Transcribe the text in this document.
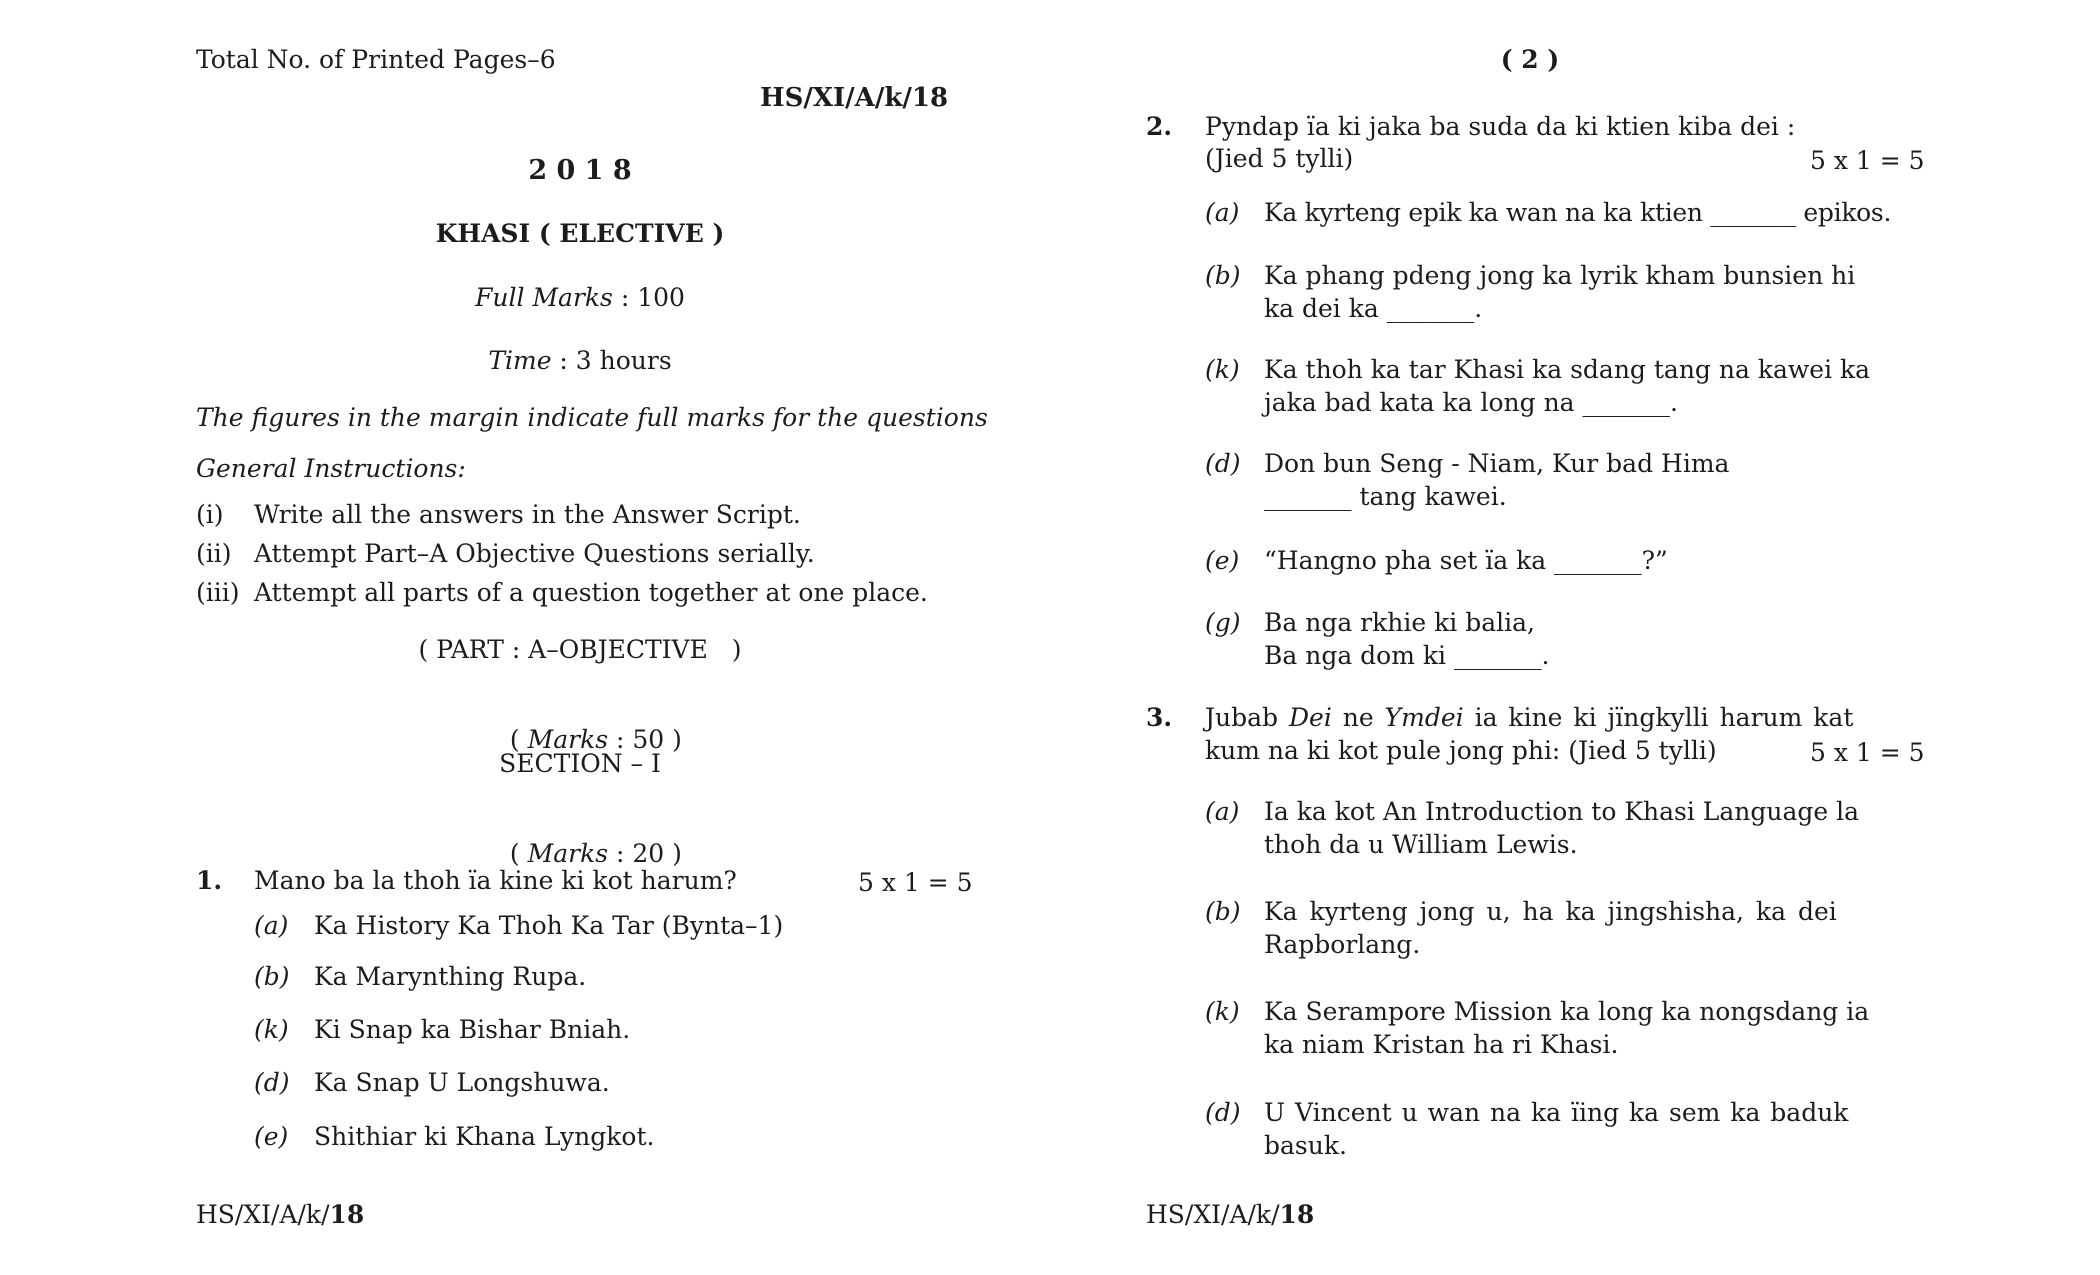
Total No. of Printed Pages–6
HS/XI/A/k/18
2 0 1 8
KHASI ( ELECTIVE )
Full Marks : 100
Time : 3 hours
The figures in the margin indicate full marks for the questions
General Instructions:
(i) Write all the answers in the Answer Script.
(ii) Attempt Part–A Objective Questions serially.
(iii) Attempt all parts of a question together at one place.
( PART : A–OBJECTIVE   )

( Marks : 50 )

SECTION – I

( Marks : 20 )

1. Mano ba la thoh ïa kine ki kot harum?	5 x 1 = 5
(a) Ka History Ka Thoh Ka Tar (Bynta–1)
(b) Ka Marynthing Rupa.
(k) Ki Snap ka Bishar Bniah.
(d) Ka Snap U Longshuwa.
(e) Shithiar ki Khana Lyngkot.
HS/XI/A/k/18
( 2 )
2. Pyndap ïa ki jaka ba suda da ki ktien kiba dei :
(Jied 5 tylli)	5 x 1 = 5
(a) Ka kyrteng epik ka wan na ka ktien _______ epikos.
(b) Ka phang pdeng jong ka lyrik kham bunsien hi
ka dei ka _______.
(k) Ka thoh ka tar Khasi ka sdang tang na kawei ka
jaka bad kata ka long na _______.
(d) Don bun Seng - Niam, Kur bad Hima
_______ tang kawei.
(e) “Hangno pha set ïa ka _______?”
(g) Ba nga rkhie ki balia,
Ba nga dom ki _______.
3. Jubab Dei ne Ymdei ia kine ki jïngkylli harum kat
kum na ki kot pule jong phi: (Jied 5 tylli)	5 x 1 = 5
(a) Ia ka kot An Introduction to Khasi Language la
thoh da u William Lewis.
(b) Ka kyrteng jong u, ha ka jingshisha, ka dei
Rapborlang.
(k) Ka Serampore Mission ka long ka nongsdang ia
ka niam Kristan ha ri Khasi.
(d) U Vincent u wan na ka ïing ka sem ka baduk
basuk.
HS/XI/A/k/18
